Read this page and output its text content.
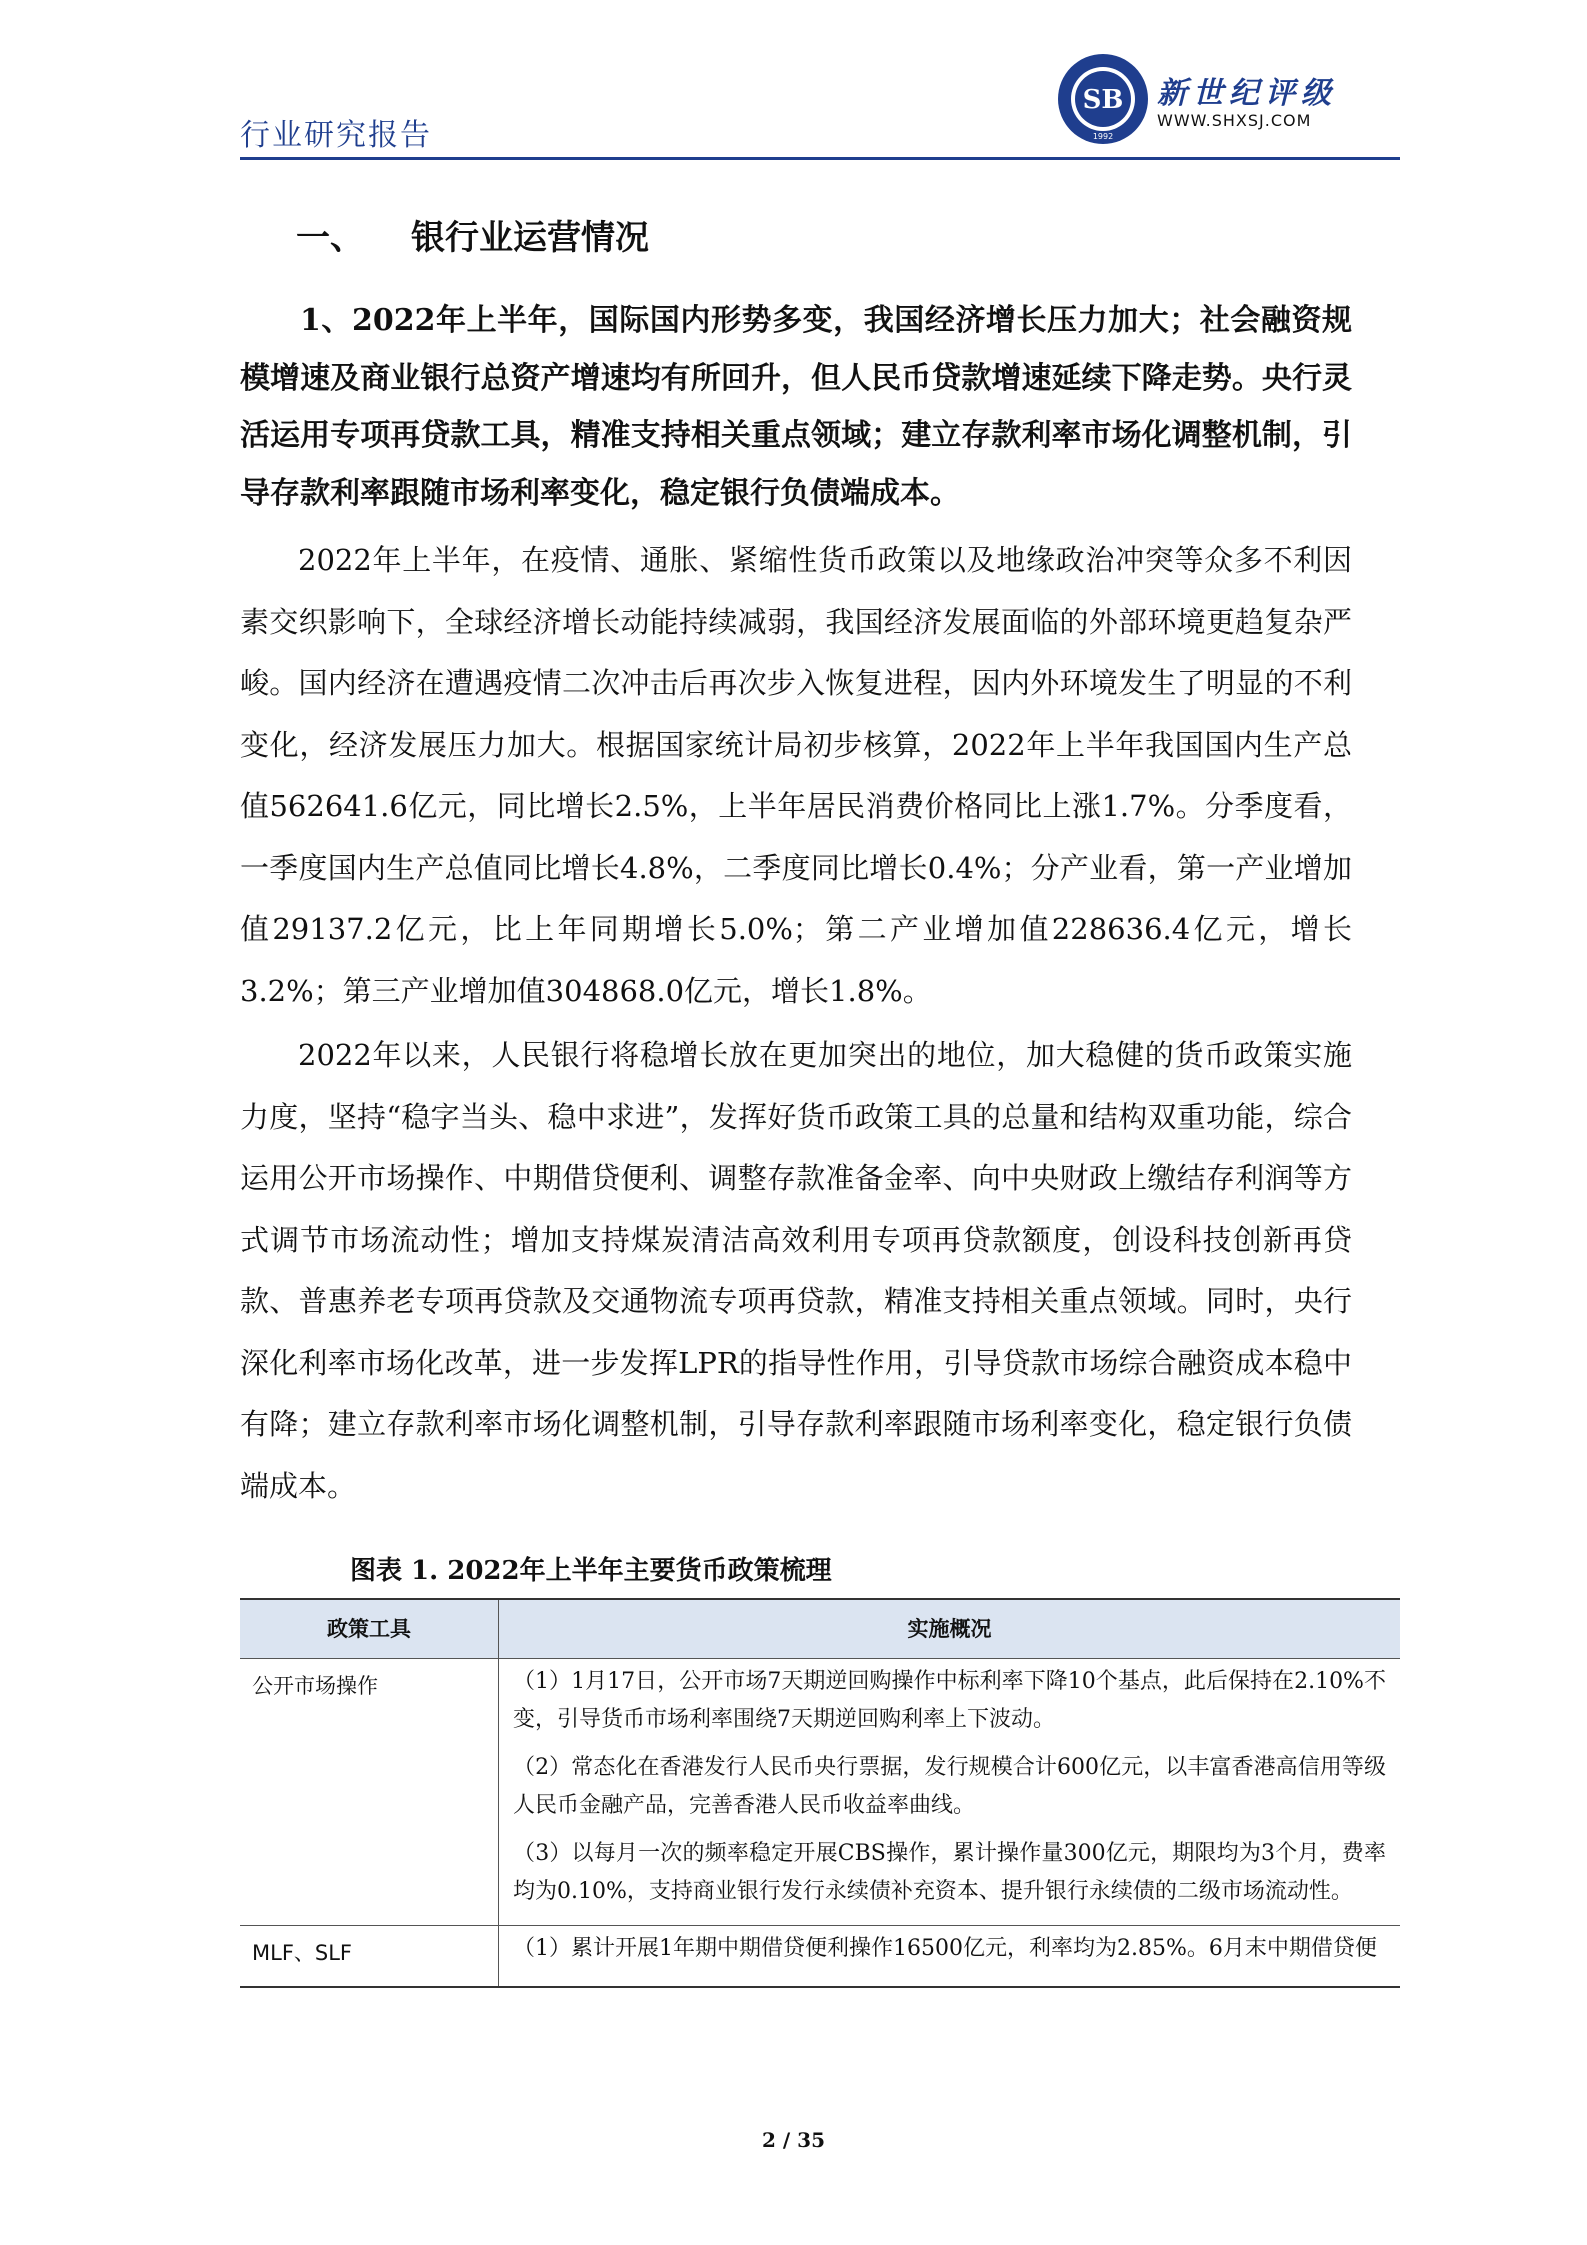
行业研究报告
SB
1992
新世纪评级
WWW.SHXSJ.COM
一、 银行业运营情况
1、2022年上半年，国际国内形势多变，我国经济增长压力加大；社会融资规模增速及商业银行总资产增速均有所回升，但人民币贷款增速延续下降走势。央行灵活运用专项再贷款工具，精准支持相关重点领域；建立存款利率市场化调整机制，引导存款利率跟随市场利率变化，稳定银行负债端成本。

2022年上半年，在疫情、通胀、紧缩性货币政策以及地缘政治冲突等众多不利因素交织影响下，全球经济增长动能持续减弱，我国经济发展面临的外部环境更趋复杂严峻。国内经济在遭遇疫情二次冲击后再次步入恢复进程，因内外环境发生了明显的不利变化，经济发展压力加大。根据国家统计局初步核算，2022年上半年我国国内生产总值562641.6亿元，同比增长2.5%，上半年居民消费价格同比上涨1.7%。分季度看，一季度国内生产总值同比增长4.8%，二季度同比增长0.4%；分产业看，第一产业增加值29137.2亿元，比上年同期增长5.0%；第二产业增加值228636.4亿元，增长3.2%；第三产业增加值304868.0亿元，增长1.8%。

2022年以来，人民银行将稳增长放在更加突出的地位，加大稳健的货币政策实施力度，坚持“稳字当头、稳中求进”，发挥好货币政策工具的总量和结构双重功能，综合运用公开市场操作、中期借贷便利、调整存款准备金率、向中央财政上缴结存利润等方式调节市场流动性；增加支持煤炭清洁高效利用专项再贷款额度，创设科技创新再贷款、普惠养老专项再贷款及交通物流专项再贷款，精准支持相关重点领域。同时，央行深化利率市场化改革，进一步发挥LPR的指导性作用，引导贷款市场综合融资成本稳中有降；建立存款利率市场化调整机制，引导存款利率跟随市场利率变化，稳定银行负债端成本。

图表 1. 2022年上半年主要货币政策梳理
政策工具	实施概况
公开市场操作	（1）1月17日，公开市场7天期逆回购操作中标利率下降10个基点，此后保持在2.10%不变，引导货币市场利率围绕7天期逆回购利率上下波动。

（2）常态化在香港发行人民币央行票据，发行规模合计600亿元，以丰富香港高信用等级人民币金融产品，完善香港人民币收益率曲线。

（3）以每月一次的频率稳定开展CBS操作，累计操作量300亿元，期限均为3个月，费率均为0.10%，支持商业银行发行永续债补充资本、提升银行永续债的二级市场流动性。

MLF、SLF	（1）累计开展1年期中期借贷便利操作16500亿元，利率均为2.85%。6月末中期借贷便

2 / 35
